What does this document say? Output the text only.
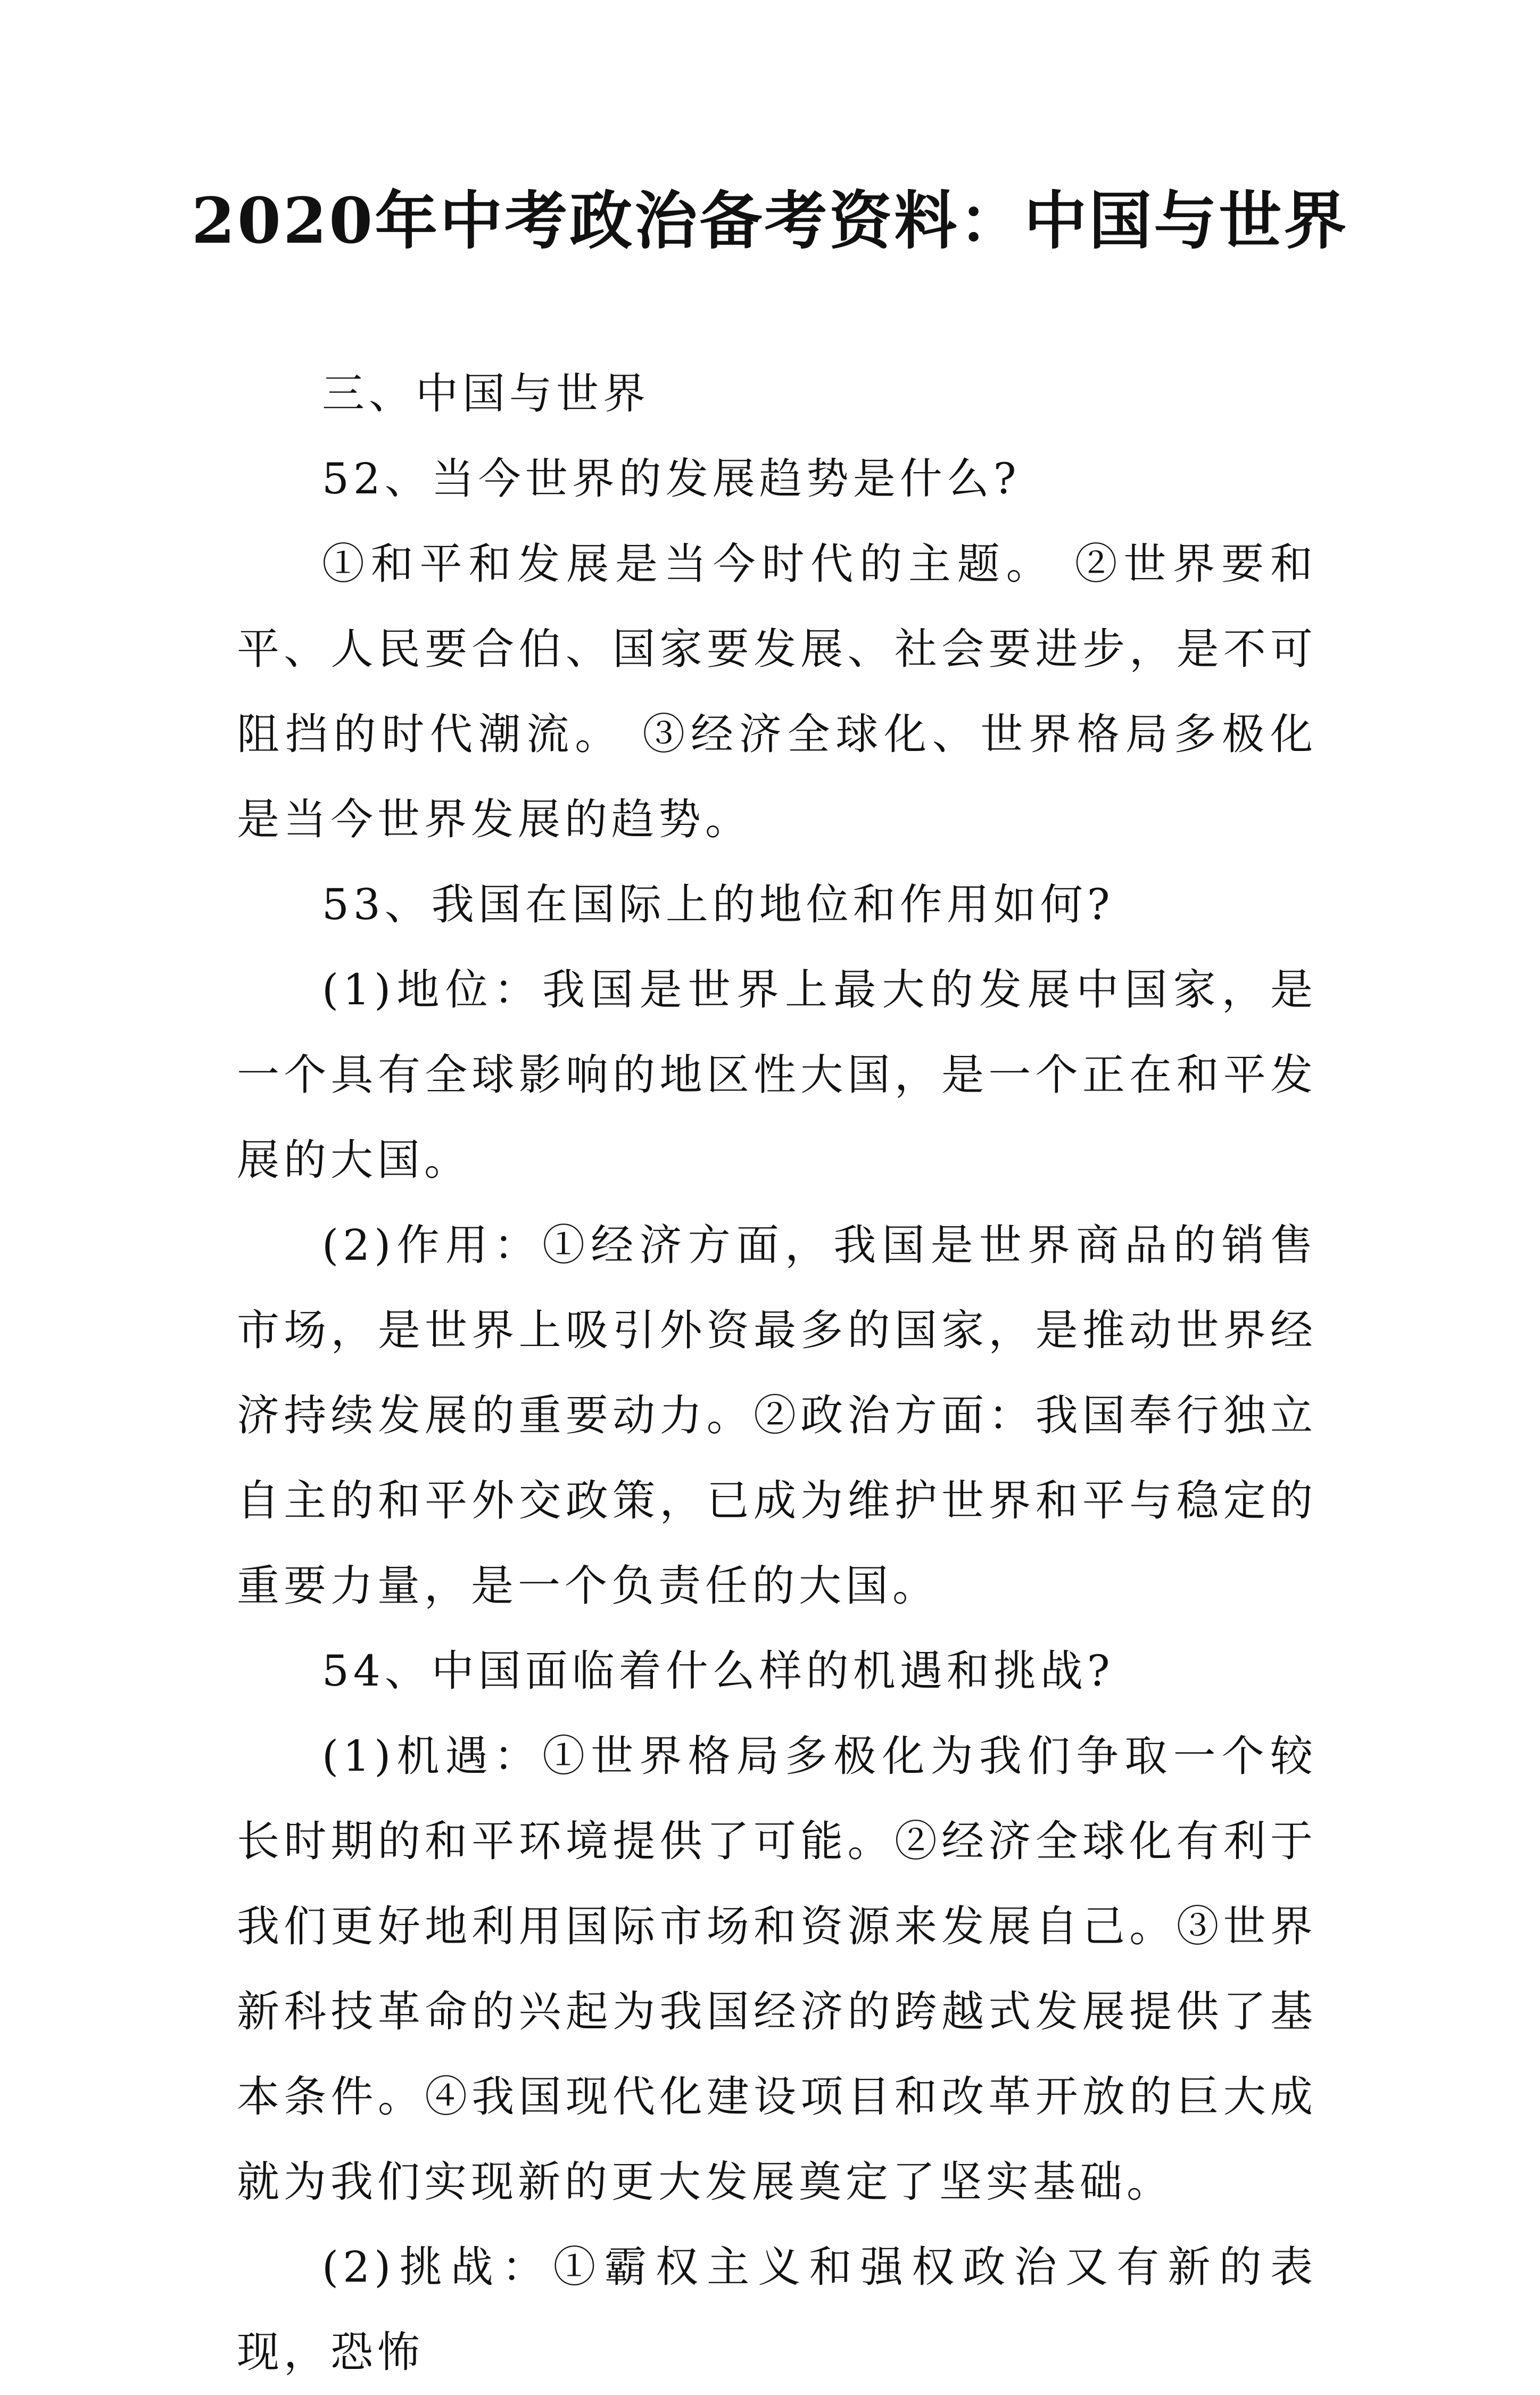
2020年中考政治备考资料：中国与世界

三、中国与世界

52、当今世界的发展趋势是什么?

①和平和发展是当今时代的主题。 ②世界要和平、人民要合伯、国家要发展、社会要进步，是不可阻挡的时代潮流。 ③经济全球化、世界格局多极化是当今世界发展的趋势。

53、我国在国际上的地位和作用如何?

(1)地位：我国是世界上最大的发展中国家，是一个具有全球影响的地区性大国，是一个正在和平发展的大国。

(2)作用：①经济方面，我国是世界商品的销售市场，是世界上吸引外资最多的国家，是推动世界经济持续发展的重要动力。②政治方面：我国奉行独立自主的和平外交政策，已成为维护世界和平与稳定的重要力量，是一个负责任的大国。

54、中国面临着什么样的机遇和挑战?

(1)机遇：①世界格局多极化为我们争取一个较长时期的和平环境提供了可能。②经济全球化有利于我们更好地利用国际市场和资源来发展自己。③世界新科技革命的兴起为我国经济的跨越式发展提供了基本条件。④我国现代化建设项目和改革开放的巨大成就为我们实现新的更大发展奠定了坚实基础。

(2)挑战：①霸权主义和强权政治又有新的表现，恐怖
